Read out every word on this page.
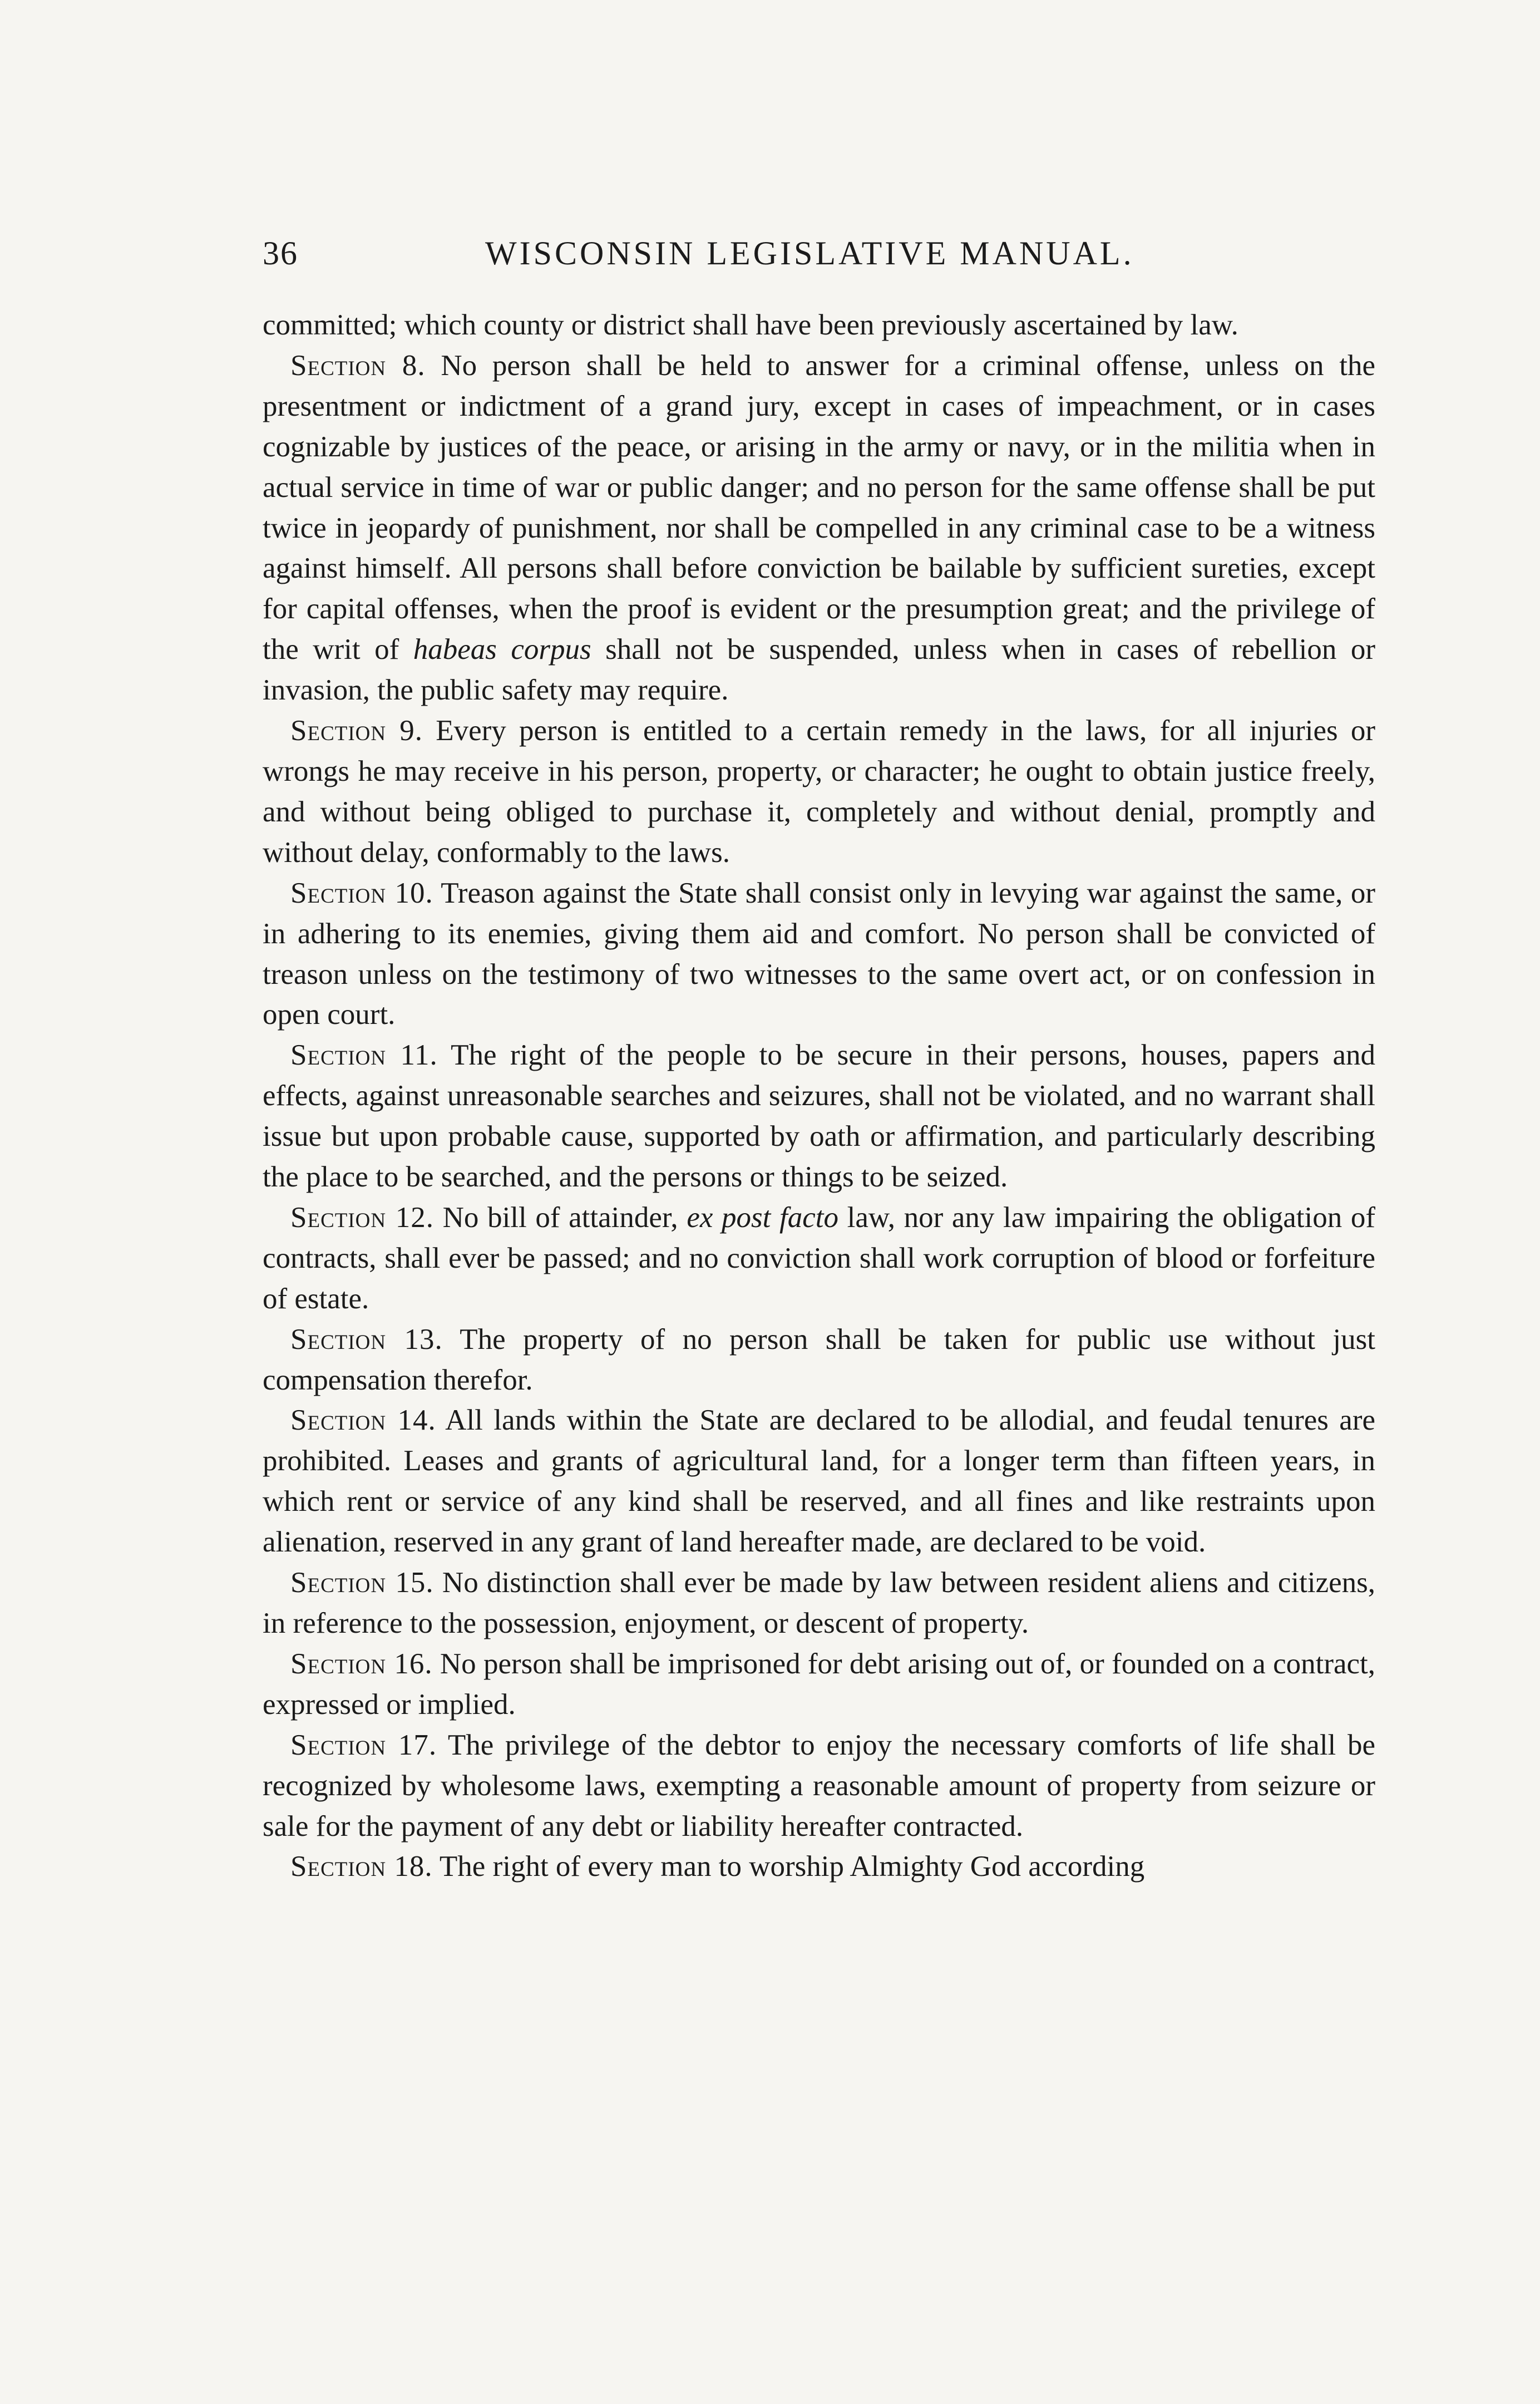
36	WISCONSIN LEGISLATIVE MANUAL.

committed; which county or district shall have been previously ascertained by law.

Section 8. No person shall be held to answer for a criminal offense, unless on the presentment or indictment of a grand jury, except in cases of impeachment, or in cases cognizable by justices of the peace, or arising in the army or navy, or in the militia when in actual service in time of war or public danger; and no person for the same offense shall be put twice in jeopardy of punishment, nor shall be compelled in any criminal case to be a witness against himself. All persons shall before conviction be bailable by sufficient sureties, except for capital offenses, when the proof is evident or the presumption great; and the privilege of the writ of habeas corpus shall not be suspended, unless when in cases of rebellion or invasion, the public safety may require.

Section 9. Every person is entitled to a certain remedy in the laws, for all injuries or wrongs he may receive in his person, property, or character; he ought to obtain justice freely, and without being obliged to purchase it, completely and without denial, promptly and without delay, conformably to the laws.

Section 10. Treason against the State shall consist only in levying war against the same, or in adhering to its enemies, giving them aid and comfort. No person shall be convicted of treason unless on the testimony of two witnesses to the same overt act, or on confession in open court.

Section 11. The right of the people to be secure in their persons, houses, papers and effects, against unreasonable searches and seizures, shall not be violated, and no warrant shall issue but upon probable cause, supported by oath or affirmation, and particularly describing the place to be searched, and the persons or things to be seized.

Section 12. No bill of attainder, ex post facto law, nor any law impairing the obligation of contracts, shall ever be passed; and no conviction shall work corruption of blood or forfeiture of estate.

Section 13. The property of no person shall be taken for public use without just compensation therefor.

Section 14. All lands within the State are declared to be allodial, and feudal tenures are prohibited. Leases and grants of agricultural land, for a longer term than fifteen years, in which rent or service of any kind shall be reserved, and all fines and like restraints upon alienation, reserved in any grant of land hereafter made, are declared to be void.

Section 15. No distinction shall ever be made by law between resident aliens and citizens, in reference to the possession, enjoyment, or descent of property.

Section 16. No person shall be imprisoned for debt arising out of, or founded on a contract, expressed or implied.

Section 17. The privilege of the debtor to enjoy the necessary comforts of life shall be recognized by wholesome laws, exempting a reasonable amount of property from seizure or sale for the payment of any debt or liability hereafter contracted.

Section 18. The right of every man to worship Almighty God according
